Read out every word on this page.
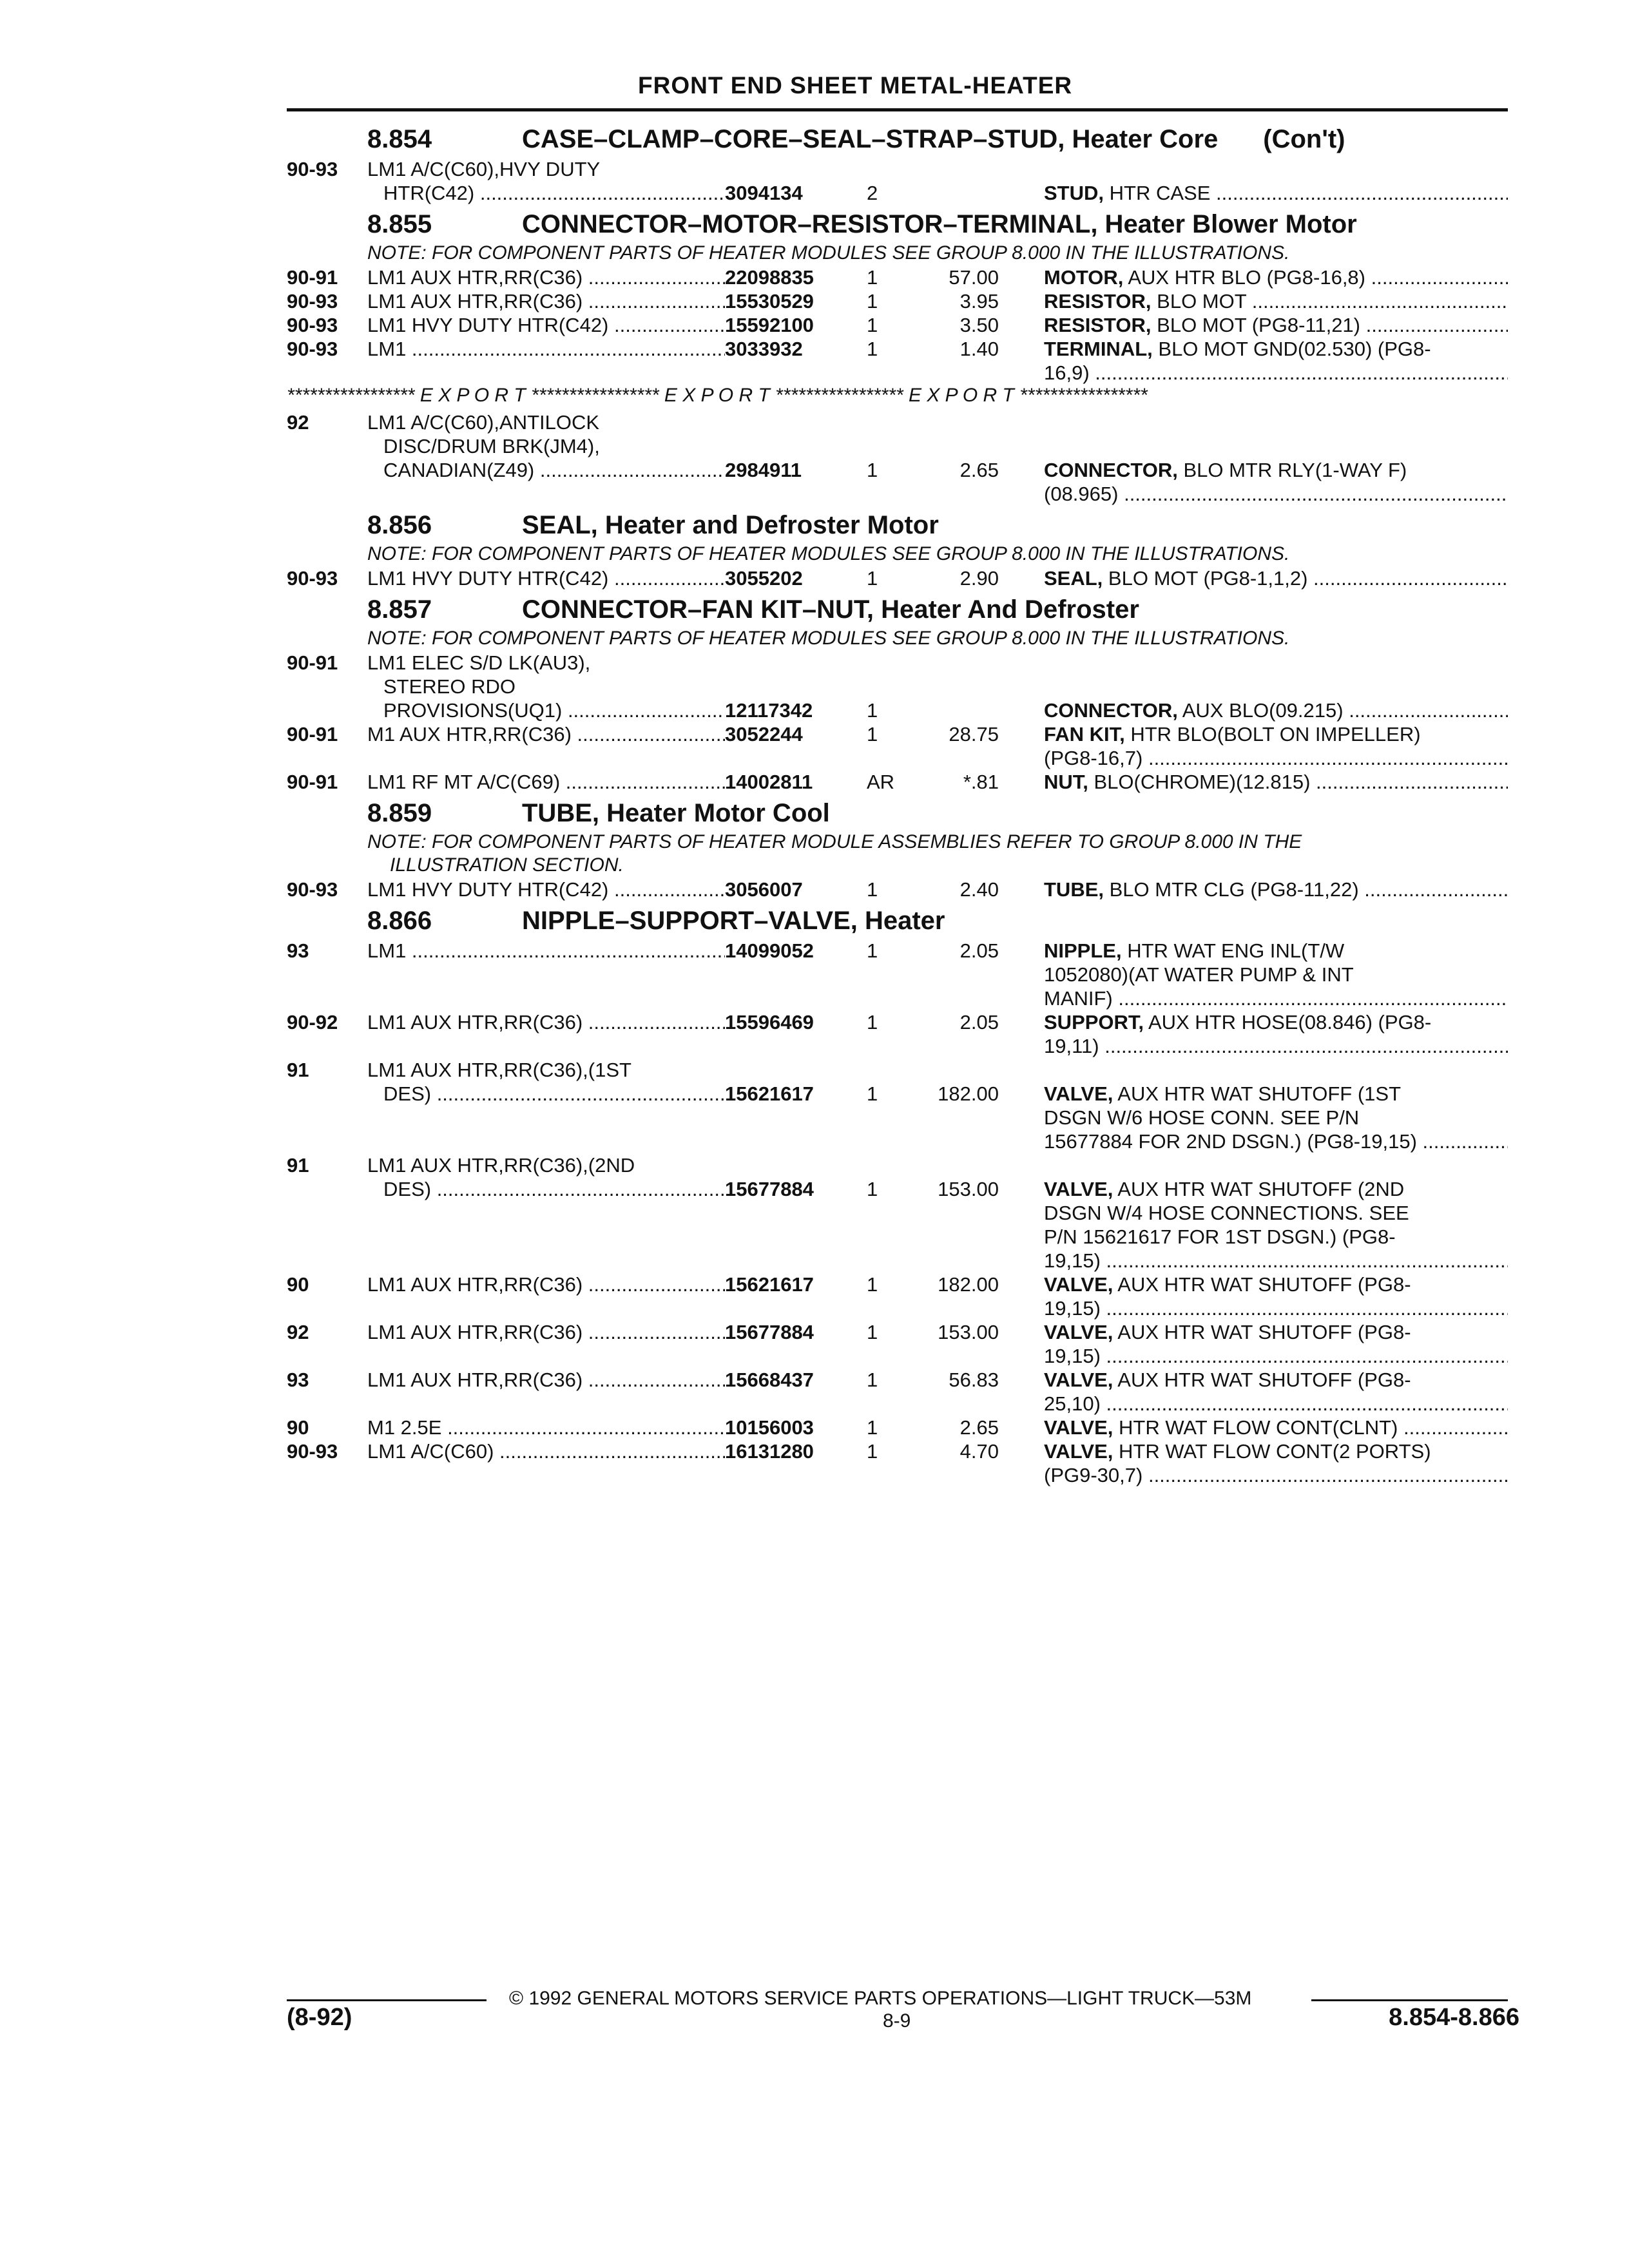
FRONT END SHEET METAL-HEATER
8.854	CASE–CLAMP–CORE–SEAL–STRAP–STUD, Heater Core (Con't)
90-93	LM1 A/C(C60),HVY DUTY
HTR(C42) .....	3094134	2	STUD, HTR CASE .....
8.855	CONNECTOR–MOTOR–RESISTOR–TERMINAL, Heater Blower Motor
NOTE: FOR COMPONENT PARTS OF HEATER MODULES SEE GROUP 8.000 IN THE ILLUSTRATIONS.
90-91	LM1 AUX HTR,RR(C36) .....	22098835	1	57.00 MOTOR, AUX HTR BLO (PG8-16,8) .....
90-93	LM1 AUX HTR,RR(C36) .....	15530529	1	3.95 RESISTOR, BLO MOT .....
90-93	LM1 HVY DUTY HTR(C42) .....	15592100	1	3.50 RESISTOR, BLO MOT (PG8-11,21) .....
90-93	LM1 .....	3033932	1	1.40 TERMINAL, BLO MOT GND(02.530) (PG8-
16,9) .....
***************** E X P O R T ***************** E X P O R T ***************** E X P O R T *****************
92	LM1 A/C(C60),ANTILOCK
DISC/DRUM BRK(JM4),
CANADIAN(Z49) .....	2984911	1	2.65 CONNECTOR, BLO MTR RLY(1-WAY F)
(08.965) .....
8.856	SEAL, Heater and Defroster Motor
NOTE: FOR COMPONENT PARTS OF HEATER MODULES SEE GROUP 8.000 IN THE ILLUSTRATIONS.
90-93	LM1 HVY DUTY HTR(C42) .....	3055202	1	2.90 SEAL, BLO MOT (PG8-1,1,2) .....
8.857	CONNECTOR–FAN KIT–NUT, Heater And Defroster
NOTE: FOR COMPONENT PARTS OF HEATER MODULES SEE GROUP 8.000 IN THE ILLUSTRATIONS.
90-91	LM1 ELEC S/D LK(AU3),
STEREO RDO
PROVISIONS(UQ1) .....	12117342	1	CONNECTOR, AUX BLO(09.215) .....
90-91	M1 AUX HTR,RR(C36) .....	3052244	1	28.75 FAN KIT, HTR BLO(BOLT ON IMPELLER)
(PG8-16,7) .....
90-91	LM1 RF MT A/C(C69) .....	14002811	AR	*.81 NUT, BLO(CHROME)(12.815) .....
8.859	TUBE, Heater Motor Cool
NOTE: FOR COMPONENT PARTS OF HEATER MODULE ASSEMBLIES REFER TO GROUP 8.000 IN THE
ILLUSTRATION SECTION.
90-93	LM1 HVY DUTY HTR(C42) .....	3056007	1	2.40 TUBE, BLO MTR CLG (PG8-11,22) .....
8.866	NIPPLE–SUPPORT–VALVE, Heater
93	LM1 .....	14099052	1	2.05 NIPPLE, HTR WAT ENG INL(T/W
1052080)(AT WATER PUMP & INT
MANIF) .....
90-92	LM1 AUX HTR,RR(C36) .....	15596469	1	2.05 SUPPORT, AUX HTR HOSE(08.846) (PG8-
19,11) .....
91	LM1 AUX HTR,RR(C36),(1ST
DES) .....	15621617	1	182.00 VALVE, AUX HTR WAT SHUTOFF (1ST
DSGN W/6 HOSE CONN. SEE P/N
15677884 FOR 2ND DSGN.) (PG8-19,15) .....
91	LM1 AUX HTR,RR(C36),(2ND
DES) .....	15677884	1	153.00 VALVE, AUX HTR WAT SHUTOFF (2ND
DSGN W/4 HOSE CONNECTIONS. SEE
P/N 15621617 FOR 1ST DSGN.) (PG8-
19,15) .....
90	LM1 AUX HTR,RR(C36) .....	15621617	1	182.00 VALVE, AUX HTR WAT SHUTOFF (PG8-
19,15) .....
92	LM1 AUX HTR,RR(C36) .....	15677884	1	153.00 VALVE, AUX HTR WAT SHUTOFF (PG8-
19,15) .....
93	LM1 AUX HTR,RR(C36) .....	15668437	1	56.83 VALVE, AUX HTR WAT SHUTOFF (PG8-
25,10) .....
90	M1 2.5E .....	10156003	1	2.65 VALVE, HTR WAT FLOW CONT(CLNT) .....
90-93	LM1 A/C(C60) .....	16131280	1	4.70 VALVE, HTR WAT FLOW CONT(2 PORTS)
(PG9-30,7) .....
© 1992 GENERAL MOTORS SERVICE PARTS OPERATIONS—LIGHT TRUCK—53M
(8-92)	8-9	8.854-8.866
